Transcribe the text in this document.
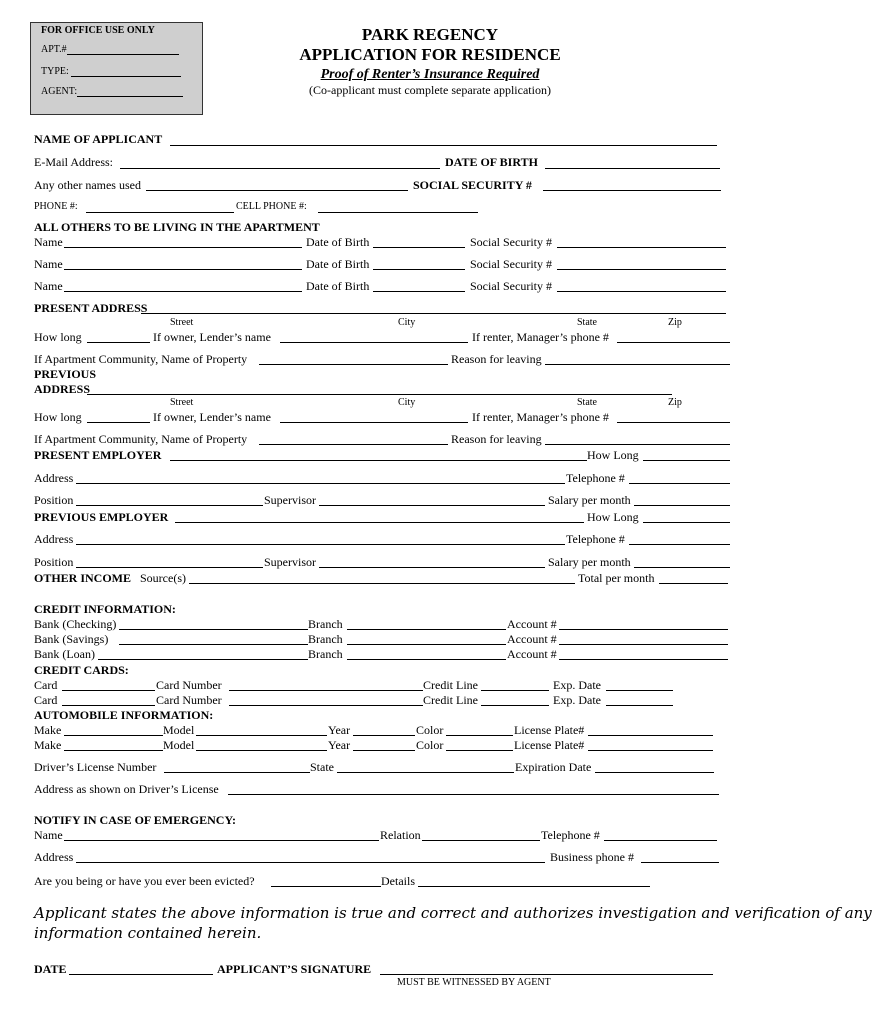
FOR OFFICE USE ONLY
APT.#
TYPE:
AGENT:
PARK REGENCY
APPLICATION FOR RESIDENCE
Proof of Renter’s Insurance Required
(Co-applicant must complete separate application)
NAME OF APPLICANT
E-Mail Address:	DATE OF BIRTH
Any other names used	SOCIAL SECURITY #
PHONE #:	CELL PHONE #:
ALL OTHERS TO BE LIVING IN THE APARTMENT
Name	Date of Birth	Social Security #
Name	Date of Birth	Social Security #
Name	Date of Birth	Social Security #
PRESENT ADDRESS
Street	City	State	Zip
How long	If owner, Lender’s name	If renter, Manager’s phone #
If Apartment Community, Name of Property	Reason for leaving
PREVIOUS
ADDRESS
Street	City	State	Zip
How long	If owner, Lender’s name	If renter, Manager’s phone #
If Apartment Community, Name of Property	Reason for leaving
PRESENT EMPLOYER	How Long
Address	Telephone #
Position	Supervisor	Salary per month
PREVIOUS EMPLOYER	How Long
Address	Telephone #
Position	Supervisor	Salary per month
OTHER INCOME Source(s)	Total per month
CREDIT INFORMATION:
Bank (Checking)	Branch	Account #
Bank (Savings)	Branch	Account #
Bank (Loan)	Branch	Account #
CREDIT CARDS:
Card	Card Number	Credit Line	Exp. Date
Card	Card Number	Credit Line	Exp. Date
AUTOMOBILE INFORMATION:
Make	Model	Year	Color	License Plate#
Make	Model	Year	Color	License Plate#
Driver’s License Number	State	Expiration Date
Address as shown on Driver’s License
NOTIFY IN CASE OF EMERGENCY:
Name	Relation	Telephone #
Address	Business phone #
Are you being or have you ever been evicted?	Details
Applicant states the above information is true and correct and authorizes investigation and verification of any
information contained herein.
DATE	APPLICANT’S SIGNATURE
MUST BE WITNESSED BY AGENT
